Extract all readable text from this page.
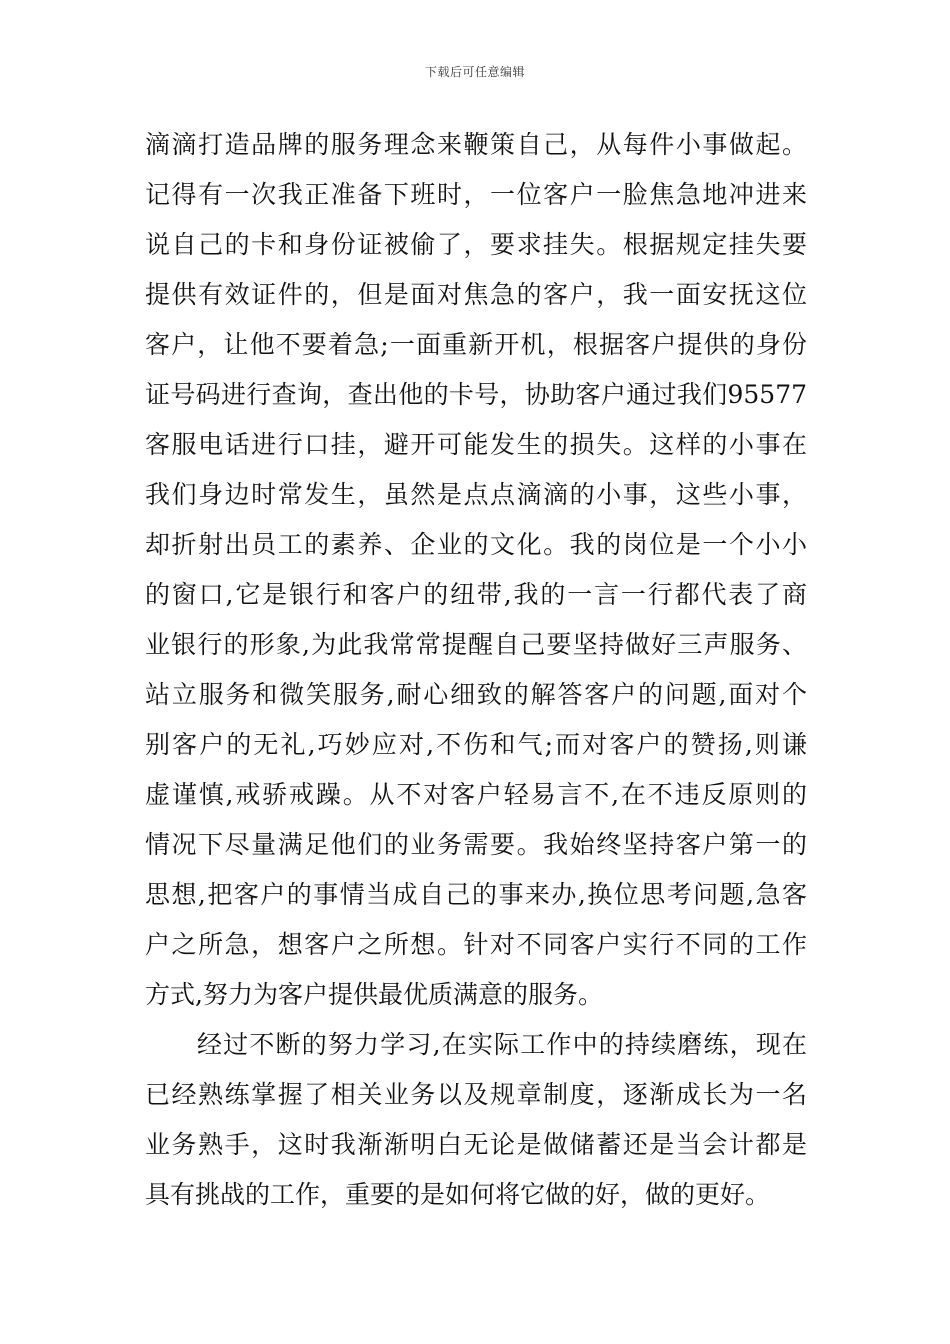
下载后可任意编辑
滴滴打造品牌的服务理念来鞭策自己，从每件小事做起。
记得有一次我正准备下班时，一位客户一脸焦急地冲进来
说自己的卡和身份证被偷了，要求挂失。根据规定挂失要
提供有效证件的，但是面对焦急的客户，我一面安抚这位
客户，让他不要着急;一面重新开机，根据客户提供的身份
证号码进行查询，查出他的卡号，协助客户通过我们95577
客服电话进行口挂，避开可能发生的损失。这样的小事在
我们身边时常发生，虽然是点点滴滴的小事，这些小事，
却折射出员工的素养、企业的文化。我的岗位是一个小小
的窗口,它是银行和客户的纽带,我的一言一行都代表了商
业银行的形象,为此我常常提醒自己要坚持做好三声服务、
站立服务和微笑服务,耐心细致的解答客户的问题,面对个
别客户的无礼,巧妙应对,不伤和气;而对客户的赞扬,则谦
虚谨慎,戒骄戒躁。从不对客户轻易言不,在不违反原则的
情况下尽量满足他们的业务需要。我始终坚持客户第一的
思想,把客户的事情当成自己的事来办,换位思考问题,急客
户之所急，想客户之所想。针对不同客户实行不同的工作
方式,努力为客户提供最优质满意的服务。
经过不断的努力学习,在实际工作中的持续磨练，现在
已经熟练掌握了相关业务以及规章制度，逐渐成长为一名
业务熟手，这时我渐渐明白无论是做储蓄还是当会计都是
具有挑战的工作，重要的是如何将它做的好，做的更好。
